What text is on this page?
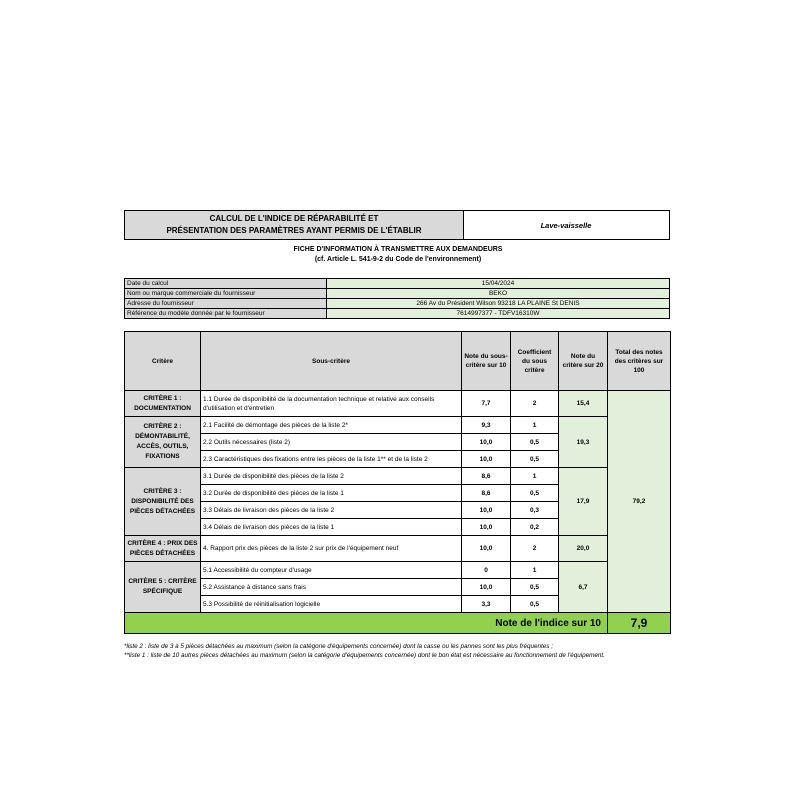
CALCUL DE L'INDICE DE RÉPARABILITÉ ET
PRÉSENTATION DES PARAMÈTRES AYANT PERMIS DE L'ÉTABLIR
Lave-vaisselle
FICHE D'INFORMATION À TRANSMETTRE AUX DEMANDEURS
(cf. Article L. 541-9-2 du Code de l'environnement)
Date du calcul	15/04/2024
Nom ou marque commerciale du fournisseur	BEKO
Adresse du fournisseur	266 Av du Président Wilson 93218 LA PLAINE St DENIS
Référence du modèle donnée par le fournisseur	7614997377 - TDFV16310W
Critère	Sous-critère	Note du sous-critère sur 10	Coefficient du sous critère	Note du critère sur 20	Total des notes des critères sur 100
CRITÈRE 1 : DOCUMENTATION	1.1 Durée de disponibilité de la documentation technique et relative aux conseils d'utilisation et d'entretien	7,7	2	15,4	79,2
CRITÈRE 2 : DÉMONTABILITÉ, ACCÈS, OUTILS, FIXATIONS	2.1 Facilité de démontage des pièces de la liste 2*	9,3	1	19,3	
	2.2 Outils nécessaires (liste 2)	10,0	0,5		
	2.3 Caractéristiques des fixations entre les pièces de la liste 1** et de la liste 2	10,0	0,5		
CRITÈRE 3 : DISPONIBILITÉ DES PIÈCES DÉTACHÉES	3.1 Durée de disponibilité des pièces de la liste 2	8,6	1	17,9	
	3.2 Durée de disponibilité des pièces de la liste 1	8,6	0,5		
	3.3 Délais de livraison des pièces de la liste 2	10,0	0,3		
	3.4 Délais de livraison des pièces de la liste 1	10,0	0,2		
CRITÈRE 4 : PRIX DES PIÈCES DÉTACHÉES	4. Rapport prix des pièces de la liste 2 sur prix de l'équipement neuf	10,0	2	20,0	
CRITÈRE 5 : CRITÈRE SPÉCIFIQUE	5.1 Accessibilité du compteur d'usage	0	1	6,7	
	5.2 Assistance à distance sans frais	10,0	0,5		
	5.3 Possibilité de réinitialisation logicielle	3,3	0,5		
Note de l'indice sur 10					7,9
*liste 2 : liste de 3 à 5 pièces détachées au maximum (selon la catégorie d'équipements concernée) dont la casse ou les pannes sont les plus fréquentes ;
**liste 1 : liste de 10 autres pièces détachées au maximum (selon la catégorie d'équipements concernée) dont le bon état est nécessaire au fonctionnement de l'équipement.
